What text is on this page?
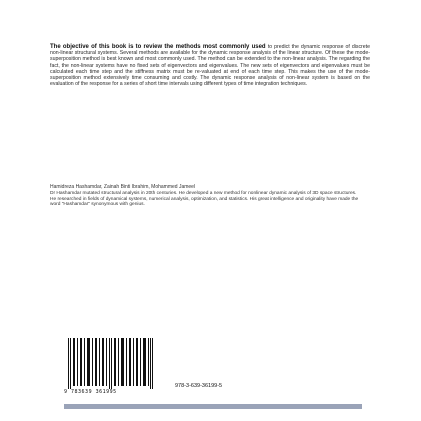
The objective of this book is to review the methods most commonly used to predict the dynamic response of discrete non-linear structural systems. Several methods are available for the dynamic response analysis of the linear structure. Of these the mode-superposition method is best known and most commonly used. The method can be extended to the non-linear analysis. The regarding the fact, the non-linear systems have no fixed sets of eigenvectors and eigenvalues. The new sets of eigenvectors and eigenvalues must be calculated each time step and the stiffness matrix must be re-valuated at end of each time step. This makes the use of the mode-superposition method extensively time consuming and costly. The dynamic response analysis of non-linear system is based on the evaluation of the response for a series of short time intervals using different types of time integration techniques.
Hamidreza Hashamdar, Zainah Binti Ibrahim, Mohammed Jameel
Dr Hashamdar mutated structural analysis in 20th centuries. He developed a new method for nonlinear dynamic analysis of 3D space structures. He researched in fields of dynamical systems, numerical analysis, optimization, and statistics. His great intelligence and originality have made the word "Hashamdar" synonymous with genius.
9 783639 361995
978-3-639-36199-5
